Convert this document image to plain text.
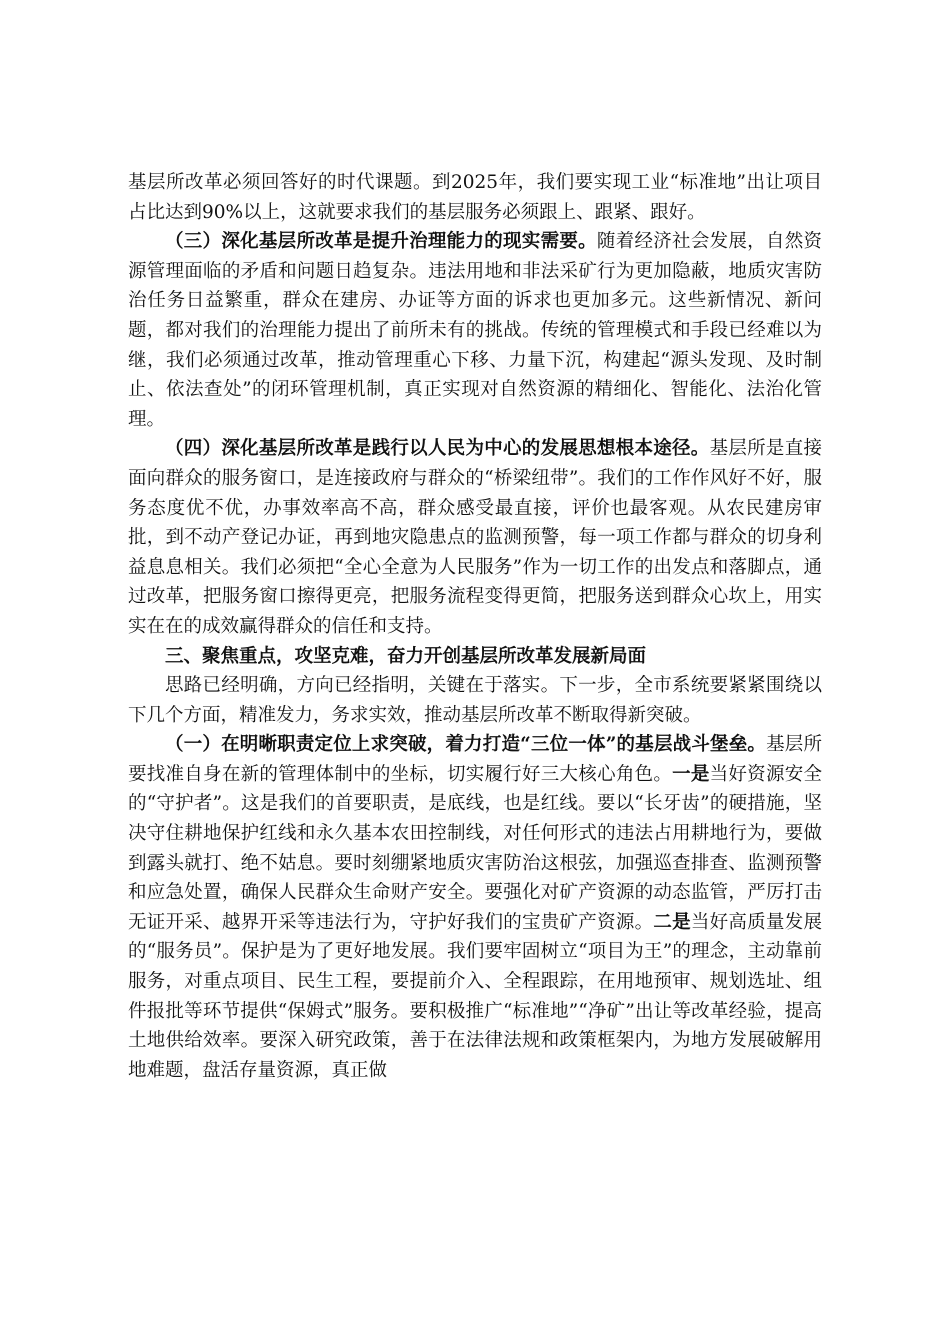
基层所改革必须回答好的时代课题。到2025年，我们要实现工业“标准地”出让项目占比达到90%以上，这就要求我们的基层服务必须跟上、跟紧、跟好。

（三）深化基层所改革是提升治理能力的现实需要。随着经济社会发展，自然资源管理面临的矛盾和问题日趋复杂。违法用地和非法采矿行为更加隐蔽，地质灾害防治任务日益繁重，群众在建房、办证等方面的诉求也更加多元。这些新情况、新问题，都对我们的治理能力提出了前所未有的挑战。传统的管理模式和手段已经难以为继，我们必须通过改革，推动管理重心下移、力量下沉，构建起“源头发现、及时制止、依法查处”的闭环管理机制，真正实现对自然资源的精细化、智能化、法治化管理。

（四）深化基层所改革是践行以人民为中心的发展思想根本途径。基层所是直接面向群众的服务窗口，是连接政府与群众的“桥梁纽带”。我们的工作作风好不好，服务态度优不优，办事效率高不高，群众感受最直接，评价也最客观。从农民建房审批，到不动产登记办证，再到地灾隐患点的监测预警，每一项工作都与群众的切身利益息息相关。我们必须把“全心全意为人民服务”作为一切工作的出发点和落脚点，通过改革，把服务窗口擦得更亮，把服务流程变得更简，把服务送到群众心坎上，用实实在在的成效赢得群众的信任和支持。

三、聚焦重点，攻坚克难，奋力开创基层所改革发展新局面

思路已经明确，方向已经指明，关键在于落实。下一步，全市系统要紧紧围绕以下几个方面，精准发力，务求实效，推动基层所改革不断取得新突破。

（一）在明晰职责定位上求突破，着力打造“三位一体”的基层战斗堡垒。基层所要找准自身在新的管理体制中的坐标，切实履行好三大核心角色。一是当好资源安全的“守护者”。这是我们的首要职责，是底线，也是红线。要以“长牙齿”的硬措施，坚决守住耕地保护红线和永久基本农田控制线，对任何形式的违法占用耕地行为，要做到露头就打、绝不姑息。要时刻绷紧地质灾害防治这根弦，加强巡查排查、监测预警和应急处置，确保人民群众生命财产安全。要强化对矿产资源的动态监管，严厉打击无证开采、越界开采等违法行为，守护好我们的宝贵矿产资源。二是当好高质量发展的“服务员”。保护是为了更好地发展。我们要牢固树立“项目为王”的理念，主动靠前服务，对重点项目、民生工程，要提前介入、全程跟踪，在用地预审、规划选址、组件报批等环节提供“保姆式”服务。要积极推广“标准地”“净矿”出让等改革经验，提高土地供给效率。要深入研究政策，善于在法律法规和政策框架内，为地方发展破解用地难题，盘活存量资源，真正做
